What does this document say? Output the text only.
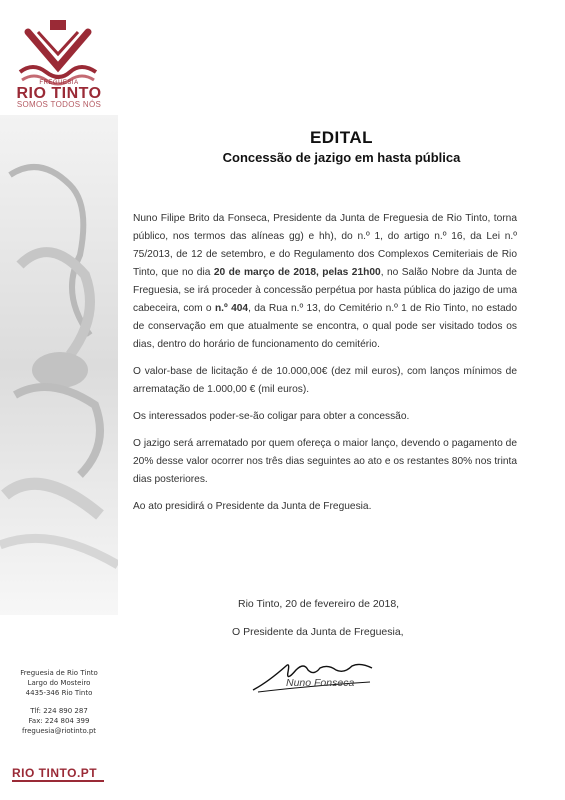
FREGUESIA
RIO TINTO
SOMOS TODOS NÓS
Freguesia de Rio Tinto
Largo do Mosteiro
4435-346 Rio Tinto
Tlf: 224 890 287
Fax: 224 804 399
freguesia@riotinto.pt
RIO TINTO.PT
EDITAL
Concessão de jazigo em hasta pública

Nuno Filipe Brito da Fonseca, Presidente da Junta de Freguesia de Rio Tinto, torna público, nos termos das alíneas gg) e hh), do n.º 1, do artigo n.º 16, da Lei n.º 75/2013, de 12 de setembro, e do Regulamento dos Complexos Cemiteriais de Rio Tinto, que no dia 20 de março de 2018, pelas 21h00, no Salão Nobre da Junta de Freguesia, se irá proceder à concessão perpétua por hasta pública do jazigo de uma cabeceira, com o n.º 404, da Rua n.º 13, do Cemitério n.º 1 de Rio Tinto, no estado de conservação em que atualmente se encontra, o qual pode ser visitado todos os dias, dentro do horário de funcionamento do cemitério.

O valor-base de licitação é de 10.000,00€ (dez mil euros), com lanços mínimos de arrematação de 1.000,00 € (mil euros).

Os interessados poder-se-ão coligar para obter a concessão.

O jazigo será arrematado por quem ofereça o maior lanço, devendo o pagamento de 20% desse valor ocorrer nos três dias seguintes ao ato e os restantes 80% nos trinta dias posteriores.

Ao ato presidirá o Presidente da Junta de Freguesia.

Rio Tinto, 20 de fevereiro de 2018,
O Presidente da Junta de Freguesia,
Nuno Fonseca
